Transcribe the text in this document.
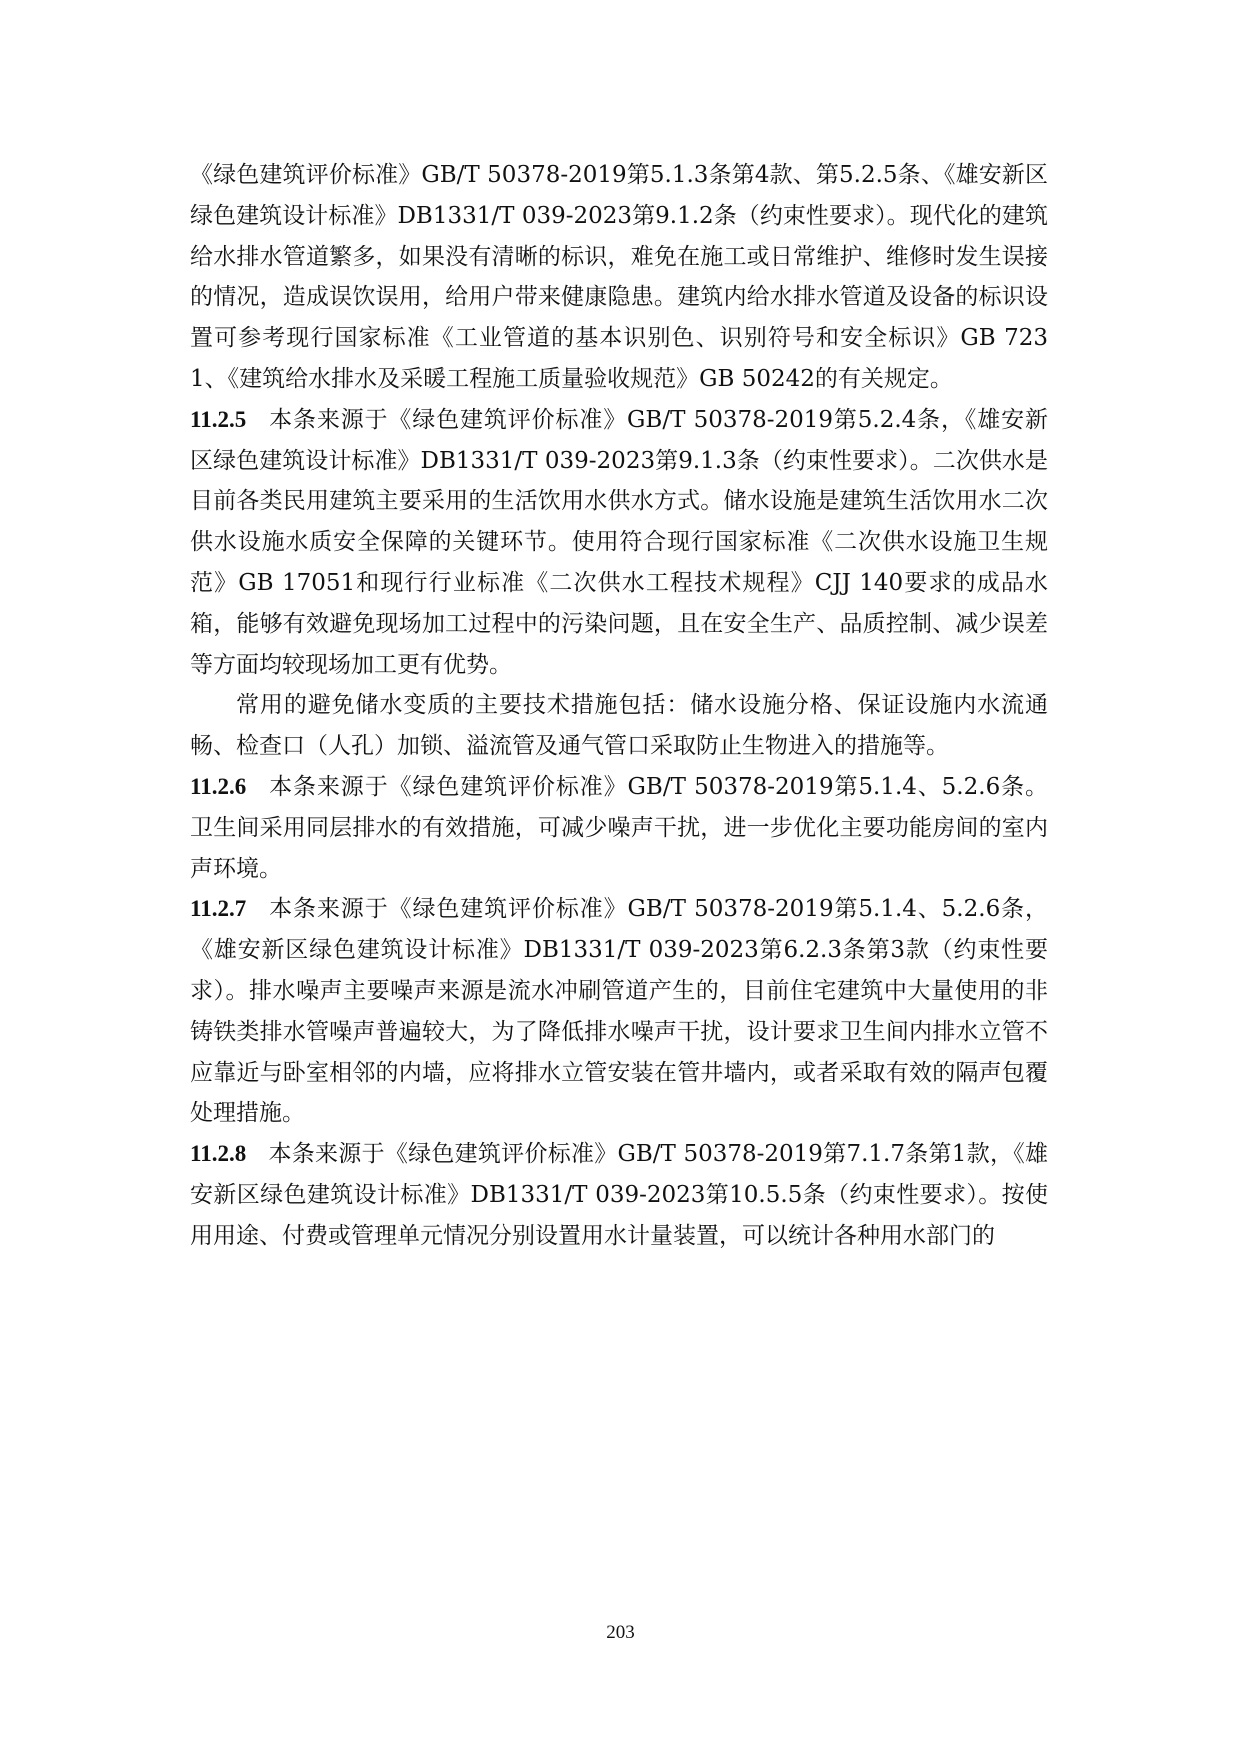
《绿色建筑评价标准》GB/T 50378-2019第5.1.3条第4款、第5.2.5条、《雄安新区绿色建筑设计标准》DB1331/T 039-2023第9.1.2条（约束性要求）。现代化的建筑给水排水管道繁多，如果没有清晰的标识，难免在施工或日常维护、维修时发生误接的情况，造成误饮误用，给用户带来健康隐患。建筑内给水排水管道及设备的标识设置可参考现行国家标准《工业管道的基本识别色、识别符号和安全标识》GB 7231、《建筑给水排水及采暖工程施工质量验收规范》GB 50242的有关规定。

11.2.5 本条来源于《绿色建筑评价标准》GB/T 50378-2019第5.2.4条，《雄安新区绿色建筑设计标准》DB1331/T 039-2023第9.1.3条（约束性要求）。二次供水是目前各类民用建筑主要采用的生活饮用水供水方式。储水设施是建筑生活饮用水二次供水设施水质安全保障的关键环节。使用符合现行国家标准《二次供水设施卫生规范》GB 17051和现行行业标准《二次供水工程技术规程》CJJ 140要求的成品水箱，能够有效避免现场加工过程中的污染问题，且在安全生产、品质控制、减少误差等方面均较现场加工更有优势。

常用的避免储水变质的主要技术措施包括：储水设施分格、保证设施内水流通畅、检查口（人孔）加锁、溢流管及通气管口采取防止生物进入的措施等。

11.2.6 本条来源于《绿色建筑评价标准》GB/T 50378-2019第5.1.4、5.2.6条。卫生间采用同层排水的有效措施，可减少噪声干扰，进一步优化主要功能房间的室内声环境。

11.2.7 本条来源于《绿色建筑评价标准》GB/T 50378-2019第5.1.4、5.2.6条，《雄安新区绿色建筑设计标准》DB1331/T 039-2023第6.2.3条第3款（约束性要求）。排水噪声主要噪声来源是流水冲刷管道产生的，目前住宅建筑中大量使用的非铸铁类排水管噪声普遍较大，为了降低排水噪声干扰，设计要求卫生间内排水立管不应靠近与卧室相邻的内墙，应将排水立管安装在管井墙内，或者采取有效的隔声包覆处理措施。

11.2.8 本条来源于《绿色建筑评价标准》GB/T 50378-2019第7.1.7条第1款，《雄安新区绿色建筑设计标准》DB1331/T 039-2023第10.5.5条（约束性要求）。按使用用途、付费或管理单元情况分别设置用水计量装置，可以统计各种用水部门的

203
